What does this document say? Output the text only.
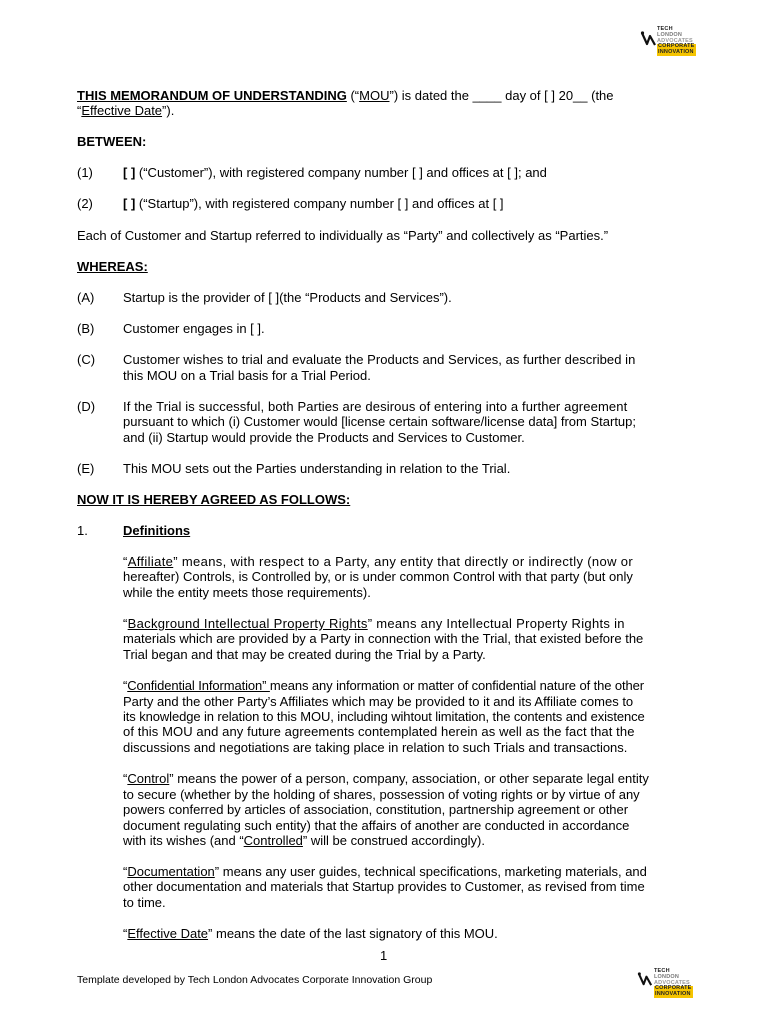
TECH
LONDON
ADVOCATES
CORPORATE
INNOVATION
THIS MEMORANDUM OF UNDERSTANDING (“MOU”) is dated the ____ day of [ ] 20__ (the
“Effective Date”).
BETWEEN:
(1) [ ] (“Customer”), with registered company number [ ] and offices at [ ]; and
(2) [ ] (“Startup”), with registered company number [ ] and offices at [ ]
Each of Customer and Startup referred to individually as “Party” and collectively as “Parties.”
WHEREAS:
(A) Startup is the provider of [ ](the “Products and Services”).
(B) Customer engages in [ ].
(C) Customer wishes to trial and evaluate the Products and Services, as further described in
this MOU on a Trial basis for a Trial Period.
(D) If the Trial is successful, both Parties are desirous of entering into a further agreement
pursuant to which (i) Customer would [license certain software/license data] from Startup;
and (ii) Startup would provide the Products and Services to Customer.
(E) This MOU sets out the Parties understanding in relation to the Trial.
NOW IT IS HEREBY AGREED AS FOLLOWS:
1.	Definitions
“Affiliate” means, with respect to a Party, any entity that directly or indirectly (now or
hereafter) Controls, is Controlled by, or is under common Control with that party (but only
while the entity meets those requirements).
“Background Intellectual Property Rights” means any Intellectual Property Rights in
materials which are provided by a Party in connection with the Trial, that existed before the
Trial began and that may be created during the Trial by a Party.
“Confidential Information” means any information or matter of confidential nature of the other
Party and the other Party’s Affiliates which may be provided to it and its Affiliate comes to
its knowledge in relation to this MOU, including wihtout limitation, the contents and existence
of this MOU and any future agreements contemplated herein as well as the fact that the
discussions and negotiations are taking place in relation to such Trials and transactions.
“Control” means the power of a person, company, association, or other separate legal entity
to secure (whether by the holding of shares, possession of voting rights or by virtue of any
powers conferred by articles of association, constitution, partnership agreement or other
document regulating such entity) that the affairs of another are conducted in accordance
with its wishes (and “Controlled” will be construed accordingly).
“Documentation” means any user guides, technical specifications, marketing materials, and
other documentation and materials that Startup provides to Customer, as revised from time
to time.
“Effective Date” means the date of the last signatory of this MOU.
1
Template developed by Tech London Advocates Corporate Innovation Group
TECH
LONDON
ADVOCATES
CORPORATE
INNOVATION
